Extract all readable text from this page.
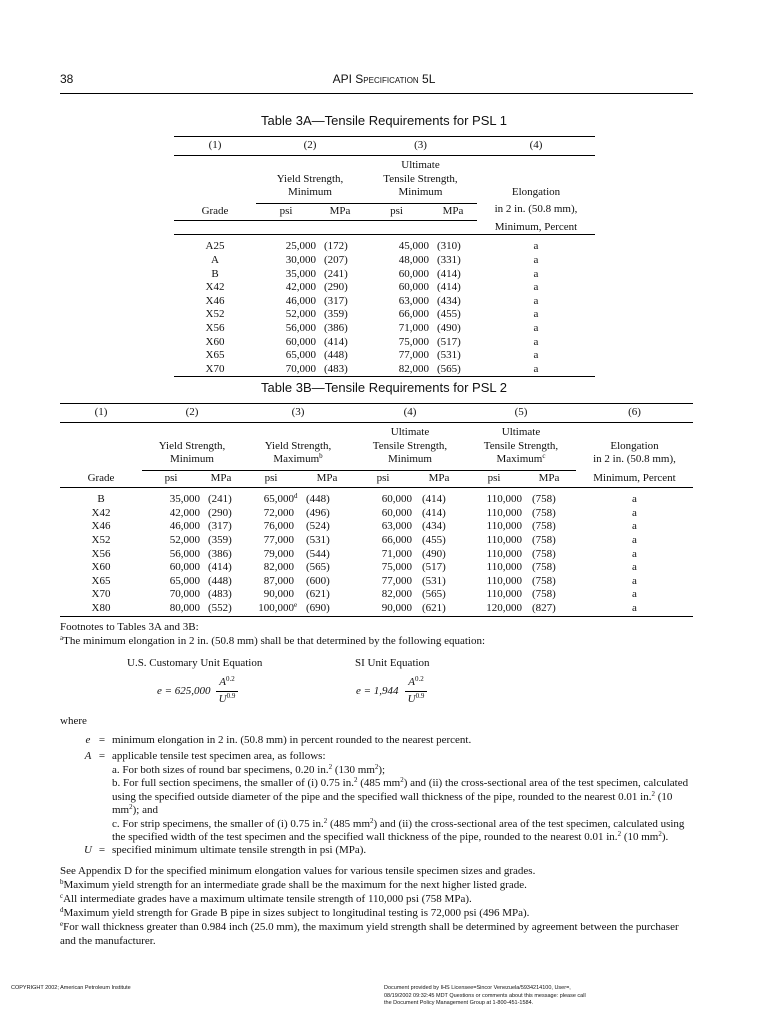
38	API Specification 5L
Table 3A—Tensile Requirements for PSL 1
(1)	(2)		(3)		(4)
			Ultimate		
	Yield Strength,		Tensile Strength,		
	Minimum		Minimum		Elongation
					in 2 in. (50.8 mm),
Grade	psi	MPa	psi	MPa	
					Minimum, Percent
A25	25,000	(172)	45,000	(310)	a
A	30,000	(207)	48,000	(331)	a
B	35,000	(241)	60,000	(414)	a
X42	42,000	(290)	60,000	(414)	a
X46	46,000	(317)	63,000	(434)	a
X52	52,000	(359)	66,000	(455)	a
X56	56,000	(386)	71,000	(490)	a
X60	60,000	(414)	75,000	(517)	a
X65	65,000	(448)	77,000	(531)	a
X70	70,000	(483)	82,000	(565)	a
Table 3B—Tensile Requirements for PSL 2
(1)	(2)		(3)		(4)		(5)		(6)
					Ultimate		Ultimate		
	Yield Strength,		Yield Strength,		Tensile Strength,		Tensile Strength,		Elongation
	Minimum		Maximum$^b$		Minimum		Maximum$^c$		in 2 in. (50.8 mm),

Grade	psi	MPa	psi	MPa	psi	MPa	psi	MPa	Minimum, Percent
B	35,000	(241)	65,000$^d$	(448)	60,000	(414)	110,000	(758)	a
X42	42,000	(290)	72,000	(496)	60,000	(414)	110,000	(758)	a
X46	46,000	(317)	76,000	(524)	63,000	(434)	110,000	(758)	a
X52	52,000	(359)	77,000	(531)	66,000	(455)	110,000	(758)	a
X56	56,000	(386)	79,000	(544)	71,000	(490)	110,000	(758)	a
X60	60,000	(414)	82,000	(565)	75,000	(517)	110,000	(758)	a
X65	65,000	(448)	87,000	(600)	77,000	(531)	110,000	(758)	a
X70	70,000	(483)	90,000	(621)	82,000	(565)	110,000	(758)	a
X80	80,000	(552)	100,000e	(690)	90,000	(621)	120,000	(827)	a
Footnotes to Tables 3A and 3B:
$^a$The minimum elongation in 2 in. (50.8 mm) shall be that determined by the following equation:
U.S. Customary Unit Equation	SI Unit Equation
e = 625,000
$A^{0.2}$
$U^{0.9}$	e = 1,944
$A^{0.2}$
$U^{0.9}$
where
e = minimum elongation in 2 in. (50.8 mm) in percent rounded to the nearest percent.
A = applicable tensile test specimen area, as follows:
a. For both sizes of round bar specimens, 0.20 in.$^2$ (130 $mm^2$);
b. For full section specimens, the smaller of (i) 0.75 in.$^2$ (485 $mm^2$) and (ii) the cross-sectional area of the test specimen, calculated using the specified outside diameter of the pipe and the specified wall thickness of the pipe, rounded to the nearest 0.01 in.$^2$ (10 $mm^2$); and
c. For strip specimens, the smaller of (i) 0.75 in.$^2$ (485 $mm^2$) and (ii) the cross-sectional area of the test specimen, calculated using the specified width of the test specimen and the specified wall thickness of the pipe, rounded to the nearest 0.01 in.$^2$ (10 $mm^2$).
U = specified minimum ultimate tensile strength in psi (MPa).
See Appendix D for the specified minimum elongation values for various tensile specimen sizes and grades.
$^b$Maximum yield strength for an intermediate grade shall be the maximum for the next higher listed grade.
$^c$All intermediate grades have a maximum ultimate tensile strength of 110,000 psi (758 MPa).
$^d$Maximum yield strength for Grade B pipe in sizes subject to longitudinal testing is 72,000 psi (496 MPa).
$^e$For wall thickness greater than 0.984 inch (25.0 mm), the maximum yield strength shall be determined by agreement between the purchaser and the manufacturer.
COPYRIGHT 2002; American Petroleum Institute	Document provided by IHS Licensee=Sincor Venezuela/5934214100, User=,
08/19/2002 09:32:45 MDT Questions or comments about this message: please call
the Document Policy Management Group at 1-800-451-1584.
